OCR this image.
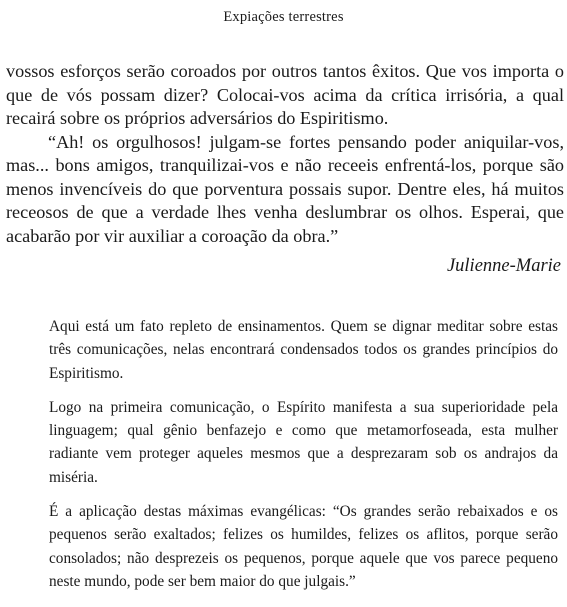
Expiações terrestres

vossos esforços serão coroados por outros tantos êxitos. Que vos importa o que de vós possam dizer? Colocai-vos acima da crítica irrisória, a qual recairá sobre os próprios adversários do Espiritismo.

“Ah! os orgulhosos! julgam-se fortes pensando poder aniquilar-vos, mas... bons amigos, tranquilizai-vos e não receeis enfrentá-los, porque são menos invencíveis do que porventura possais supor. Dentre eles, há muitos receosos de que a verdade lhes venha deslumbrar os olhos. Esperai, que acabarão por vir auxiliar a coroação da obra.”

Julienne-Marie

Aqui está um fato repleto de ensinamentos. Quem se dignar meditar sobre estas três comunicações, nelas encontrará condensados todos os grandes princípios do Espiritismo.

Logo na primeira comunicação, o Espírito manifesta a sua superioridade pela linguagem; qual gênio benfazejo e como que metamorfoseada, esta mulher radiante vem proteger aqueles mesmos que a desprezaram sob os andrajos da miséria.

É a aplicação destas máximas evangélicas: “Os grandes serão rebaixados e os pequenos serão exaltados; felizes os humildes, felizes os aflitos, porque serão consolados; não desprezeis os pequenos, porque aquele que vos parece pequeno neste mundo, pode ser bem maior do que julgais.”
